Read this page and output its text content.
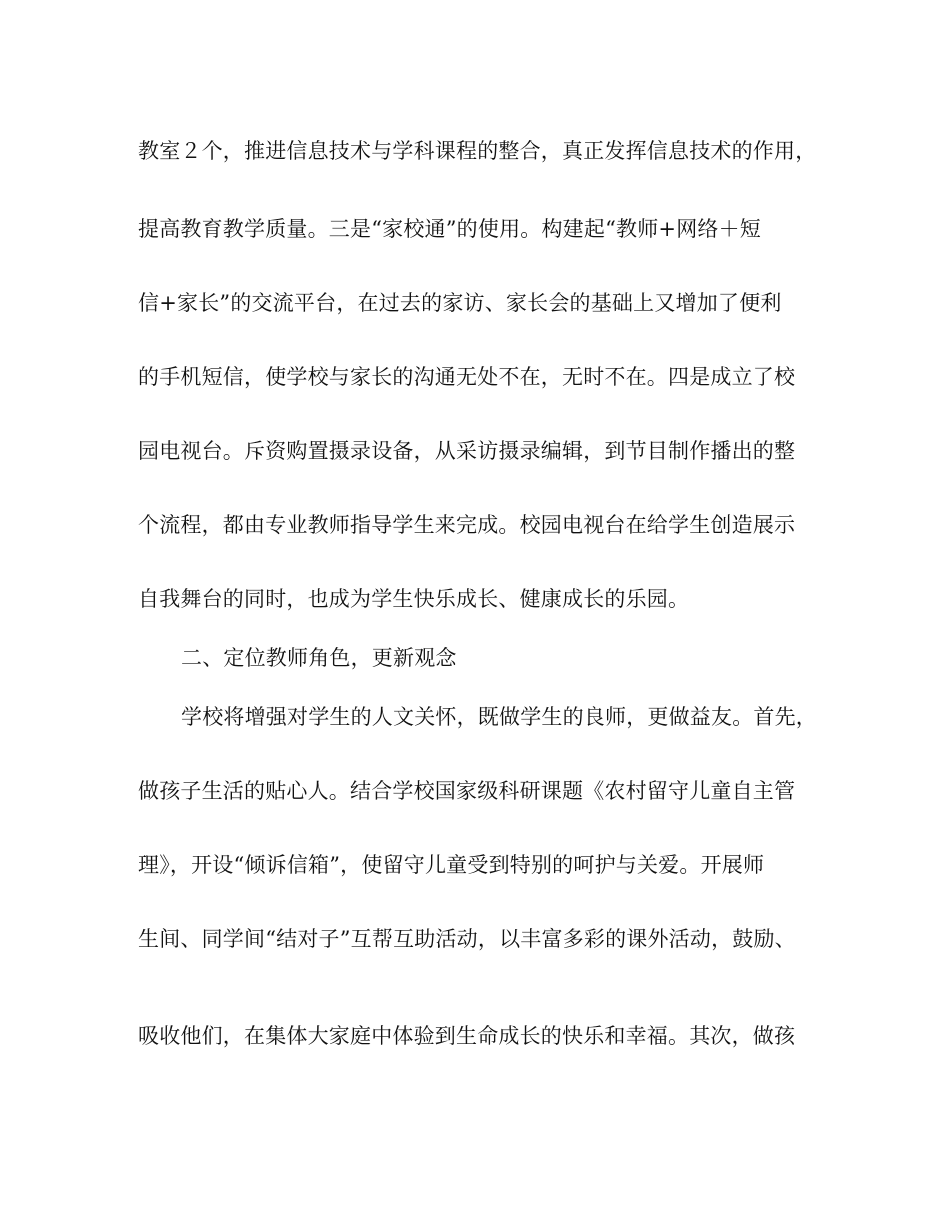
教室２个，推进信息技术与学科课程的整合，真正发挥信息技术的作用，
提高教育教学质量。三是“家校通”的使用。构建起“教师+网络＋短
信+家长”的交流平台，在过去的家访、家长会的基础上又增加了便利
的手机短信，使学校与家长的沟通无处不在，无时不在。四是成立了校
园电视台。斥资购置摄录设备，从采访摄录编辑，到节目制作播出的整
个流程，都由专业教师指导学生来完成。校园电视台在给学生创造展示
自我舞台的同时，也成为学生快乐成长、健康成长的乐园。
二、定位教师角色，更新观念
学校将增强对学生的人文关怀，既做学生的良师，更做益友。首先，
做孩子生活的贴心人。结合学校国家级科研课题《农村留守儿童自主管
理》，开设“倾诉信箱”，使留守儿童受到特别的呵护与关爱。开展师
生间、同学间“结对子”互帮互助活动，以丰富多彩的课外活动，鼓励、
吸收他们，在集体大家庭中体验到生命成长的快乐和幸福。其次，做孩
